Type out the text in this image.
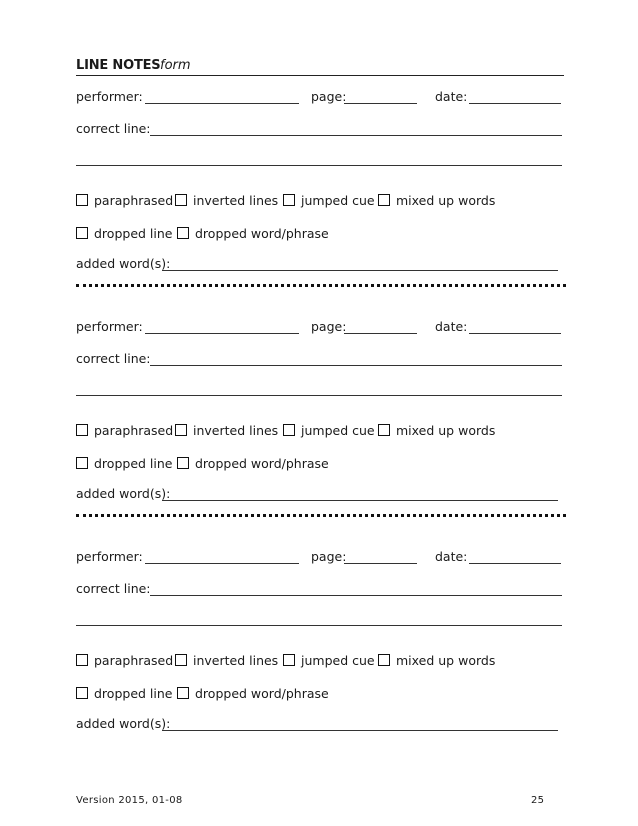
LINE NOTES form
performer:	page:	date:
correct line:
paraphrased inverted lines jumped cue mixed up words
dropped line dropped word/phrase
added word(s):
performer:	page:	date:
correct line:
paraphrased inverted lines jumped cue mixed up words
dropped line dropped word/phrase
added word(s):
performer:	page:	date:
correct line:
paraphrased inverted lines jumped cue mixed up words
dropped line dropped word/phrase
added word(s):
Version 2015, 01-08	25
